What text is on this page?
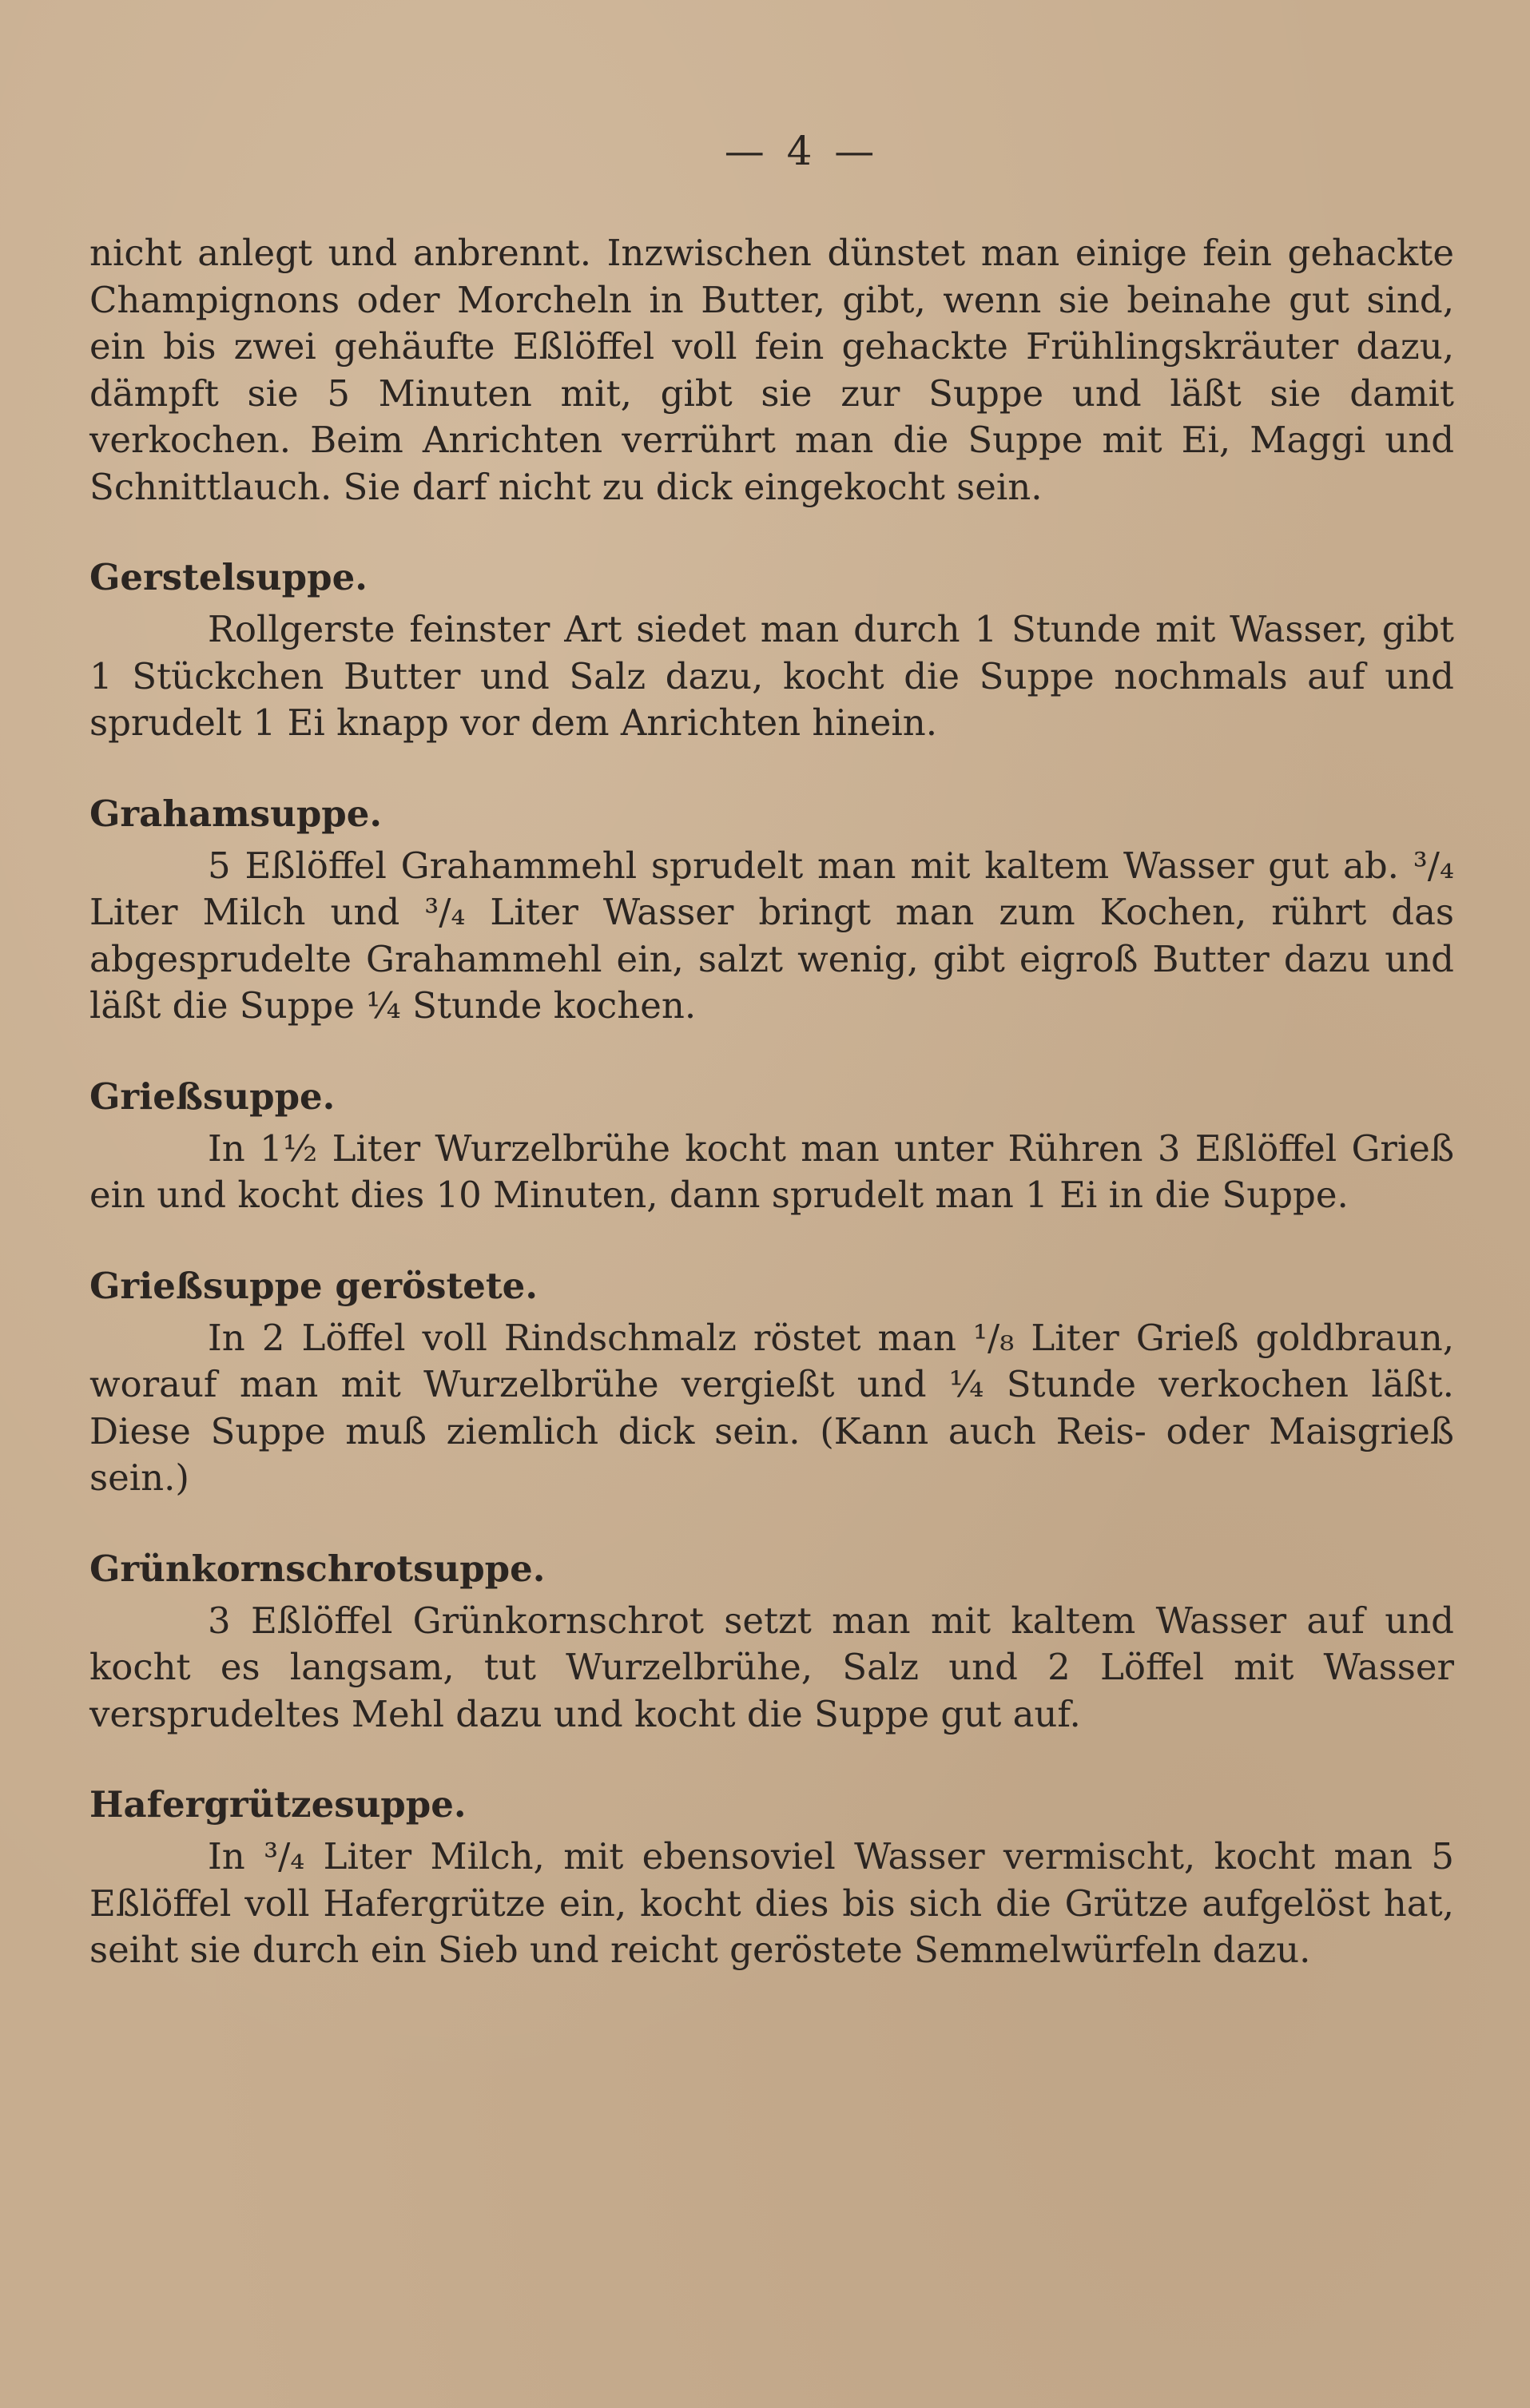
— 4 —

nicht anlegt und anbrennt. Inzwischen dünstet man einige fein gehackte Champignons oder Morcheln in Butter, gibt, wenn sie beinahe gut sind, ein bis zwei gehäufte Eßlöffel voll fein gehackte Frühlingskräuter dazu, dämpft sie 5 Minuten mit, gibt sie zur Suppe und läßt sie damit verkochen. Beim Anrichten verrührt man die Suppe mit Ei, Maggi und Schnittlauch. Sie darf nicht zu dick eingekocht sein.

Gerstelsuppe.

Rollgerste feinster Art siedet man durch 1 Stunde mit Wasser, gibt 1 Stückchen Butter und Salz dazu, kocht die Suppe nochmals auf und sprudelt 1 Ei knapp vor dem Anrichten hinein.

Grahamsuppe.

5 Eßlöffel Grahammehl sprudelt man mit kaltem Wasser gut ab. ³/₄ Liter Milch und ³/₄ Liter Wasser bringt man zum Kochen, rührt das abgesprudelte Grahammehl ein, salzt wenig, gibt eigroß Butter dazu und läßt die Suppe ¼ Stunde kochen.

Grießsuppe.

In 1½ Liter Wurzelbrühe kocht man unter Rühren 3 Eßlöffel Grieß ein und kocht dies 10 Minuten, dann sprudelt man 1 Ei in die Suppe.

Grießsuppe geröstete.

In 2 Löffel voll Rindschmalz röstet man ¹/₈ Liter Grieß goldbraun, worauf man mit Wurzelbrühe vergießt und ¼ Stunde verkochen läßt. Diese Suppe muß ziemlich dick sein. (Kann auch Reis- oder Maisgrieß sein.)

Grünkornschrotsuppe.

3 Eßlöffel Grünkornschrot setzt man mit kaltem Wasser auf und kocht es langsam, tut Wurzelbrühe, Salz und 2 Löffel mit Wasser versprudeltes Mehl dazu und kocht die Suppe gut auf.

Hafergrützesuppe.

In ³/₄ Liter Milch, mit ebensoviel Wasser vermischt, kocht man 5 Eßlöffel voll Hafergrütze ein, kocht dies bis sich die Grütze aufgelöst hat, seiht sie durch ein Sieb und reicht geröstete Semmelwürfeln dazu.
